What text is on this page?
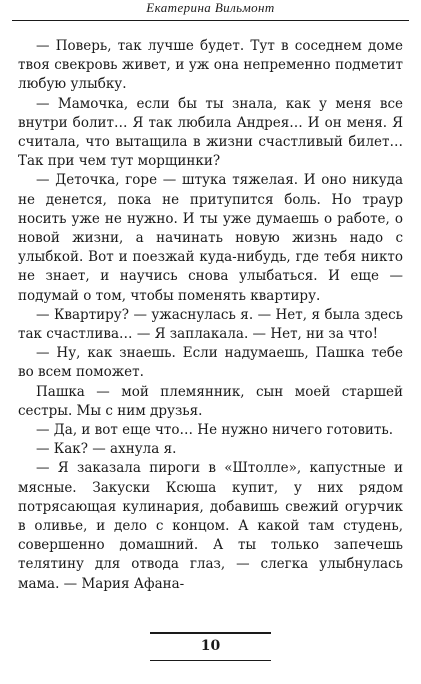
Екатерина Вильмонт

— Поверь, так лучше будет. Тут в соседнем доме твоя свекровь живет, и уж она непременно подметит любую улыбку.

— Мамочка, если бы ты знала, как у меня все внутри болит… Я так любила Андрея… И он меня. Я считала, что вытащила в жизни счастливый билет… Так при чем тут морщинки?

— Деточка, горе — штука тяжелая. И оно никуда не денется, пока не притупится боль. Но траур носить уже не нужно. И ты уже думаешь о работе, о новой жизни, а начинать новую жизнь надо с улыбкой. Вот и поезжай куда-нибудь, где тебя никто не знает, и научись снова улыбаться. И еще — подумай о том, чтобы поменять квартиру.

— Квартиру? — ужаснулась я. — Нет, я была здесь так счастлива… — Я заплакала. — Нет, ни за что!

— Ну, как знаешь. Если надумаешь, Пашка тебе во всем поможет.

Пашка — мой племянник, сын моей старшей сестры. Мы с ним друзья.

— Да, и вот еще что… Не нужно ничего готовить.

— Как? — ахнула я.

— Я заказала пироги в «Штолле», капустные и мясные. Закуски Ксюша купит, у них рядом потрясающая кулинария, добавишь свежий огурчик в оливье, и дело с концом. А какой там студень, совершенно домашний. А ты только запечешь телятину для отвода глаз, — слегка улыбнулась мама. — Мария Афана-

10
